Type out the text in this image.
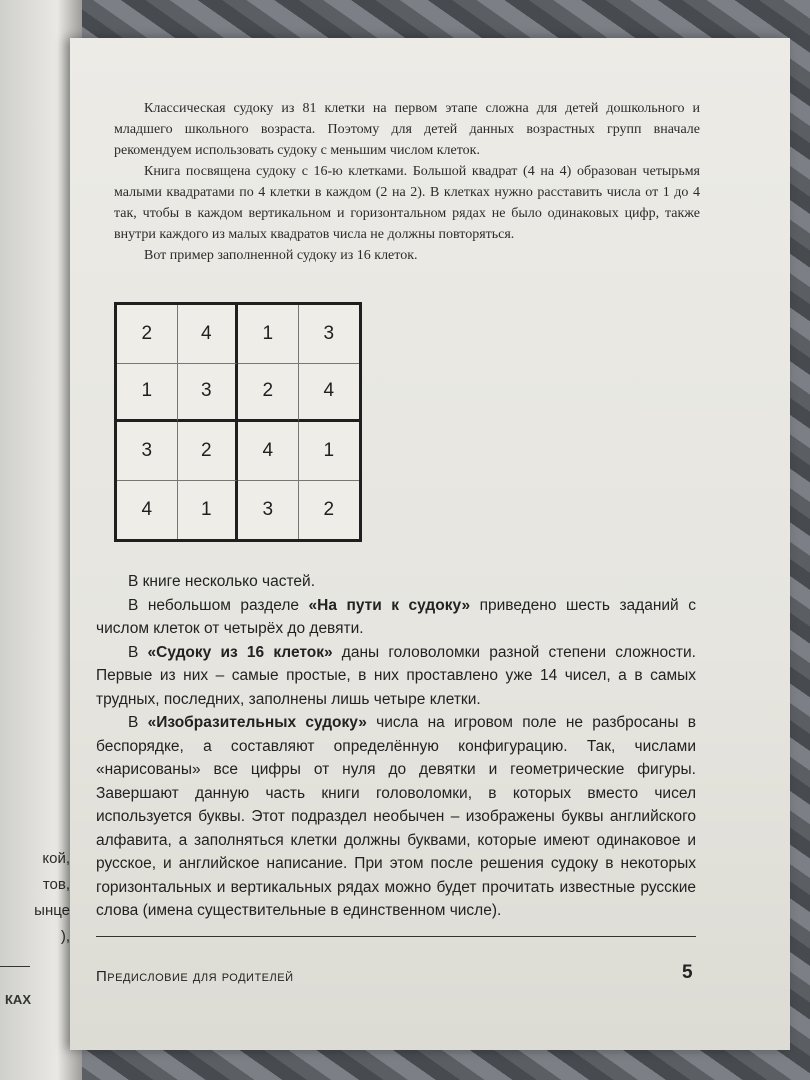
кой,
тов,
ынце
),
КАХ

Классическая судоку из 81 клетки на первом этапе сложна для детей дошкольного и младшего школьного возраста. Поэтому для детей данных возрастных групп вначале рекомендуем использовать судоку с меньшим числом клеток.

Книга посвящена судоку с 16-ю клетками. Большой квадрат (4 на 4) образован четырьмя малыми квадратами по 4 клетки в каждом (2 на 2). В клетках нужно расставить числа от 1 до 4 так, чтобы в каждом вертикальном и горизонтальном рядах не было одинаковых цифр, также внутри каждого из малых квадратов числа не должны повторяться.

Вот пример заполненной судоку из 16 клеток.

2	4	1	3
1	3	2	4
3	2	4	1
4	1	3	2

В книге несколько частей.

В небольшом разделе «На пути к судоку» приведено шесть заданий с числом клеток от четырёх до девяти.

В «Судоку из 16 клеток» даны головоломки разной степени сложности. Первые из них – самые простые, в них проставлено уже 14 чисел, а в самых трудных, последних, заполнены лишь четыре клетки.

В «Изобразительных судоку» числа на игровом поле не разбросаны в беспорядке, а составляют определённую конфигурацию. Так, числами «нарисованы» все цифры от нуля до девятки и геометрические фигуры. Завершают данную часть книги головоломки, в которых вместо чисел используется буквы. Этот подраздел необычен – изображены буквы английского алфавита, а заполняться клетки должны буквами, которые имеют одинаковое и русское, и английское написание. При этом после решения судоку в некоторых горизонтальных и вертикальных рядах можно будет прочитать известные русские слова (имена существительные в единственном числе).

Предисловие для родителей	5
